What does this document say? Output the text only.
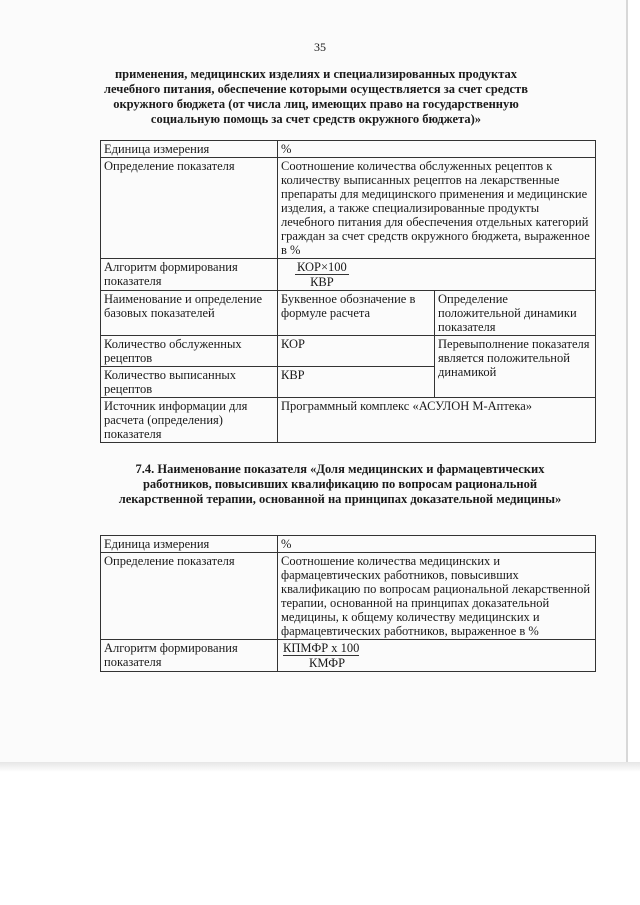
35
применения, медицинских изделиях и специализированных продуктах лечебного питания, обеспечение которыми осуществляется за счет средств окружного бюджета (от числа лиц, имеющих право на государственную социальную помощь за счет средств окружного бюджета)»
Единица измерения	%	
Определение показателя	Соотношение количества обслуженных рецептов к количеству выписанных рецептов на лекарственные препараты для медицинского применения и медицинские изделия, а также специализированные продукты лечебного питания для обеспечения отдельных категорий граждан за счет средств окружного бюджета, выраженное в %	
Алгоритм формирования показателя	$\frac{\text{КОР×100}}{\text{КВР}}$

Наименование и определение базовых показателей	Буквенное обозначение в формуле расчета	Определение положительной динамики показателя
Количество обслуженных рецептов	КОР	Перевыполнение показателя является положительной динамикой
Количество выписанных рецептов	КВР	
Источник информации для расчета (определения) показателя	Программный комплекс «АСУЛОН М-Аптека»	
7.4. Наименование показателя «Доля медицинских и фармацевтических работников, повысивших квалификацию по вопросам рациональной лекарственной терапии, основанной на принципах доказательной медицины»
Единица измерения	%
Определение показателя	Соотношение количества медицинских и фармацевтических работников, повысивших квалификацию по вопросам рациональной лекарственной терапии, основанной на принципах доказательной медицины, к общему количеству медицинских и фармацевтических работников, выраженное в %
Алгоритм формирования показателя	КПМФР х 100
КМФР
